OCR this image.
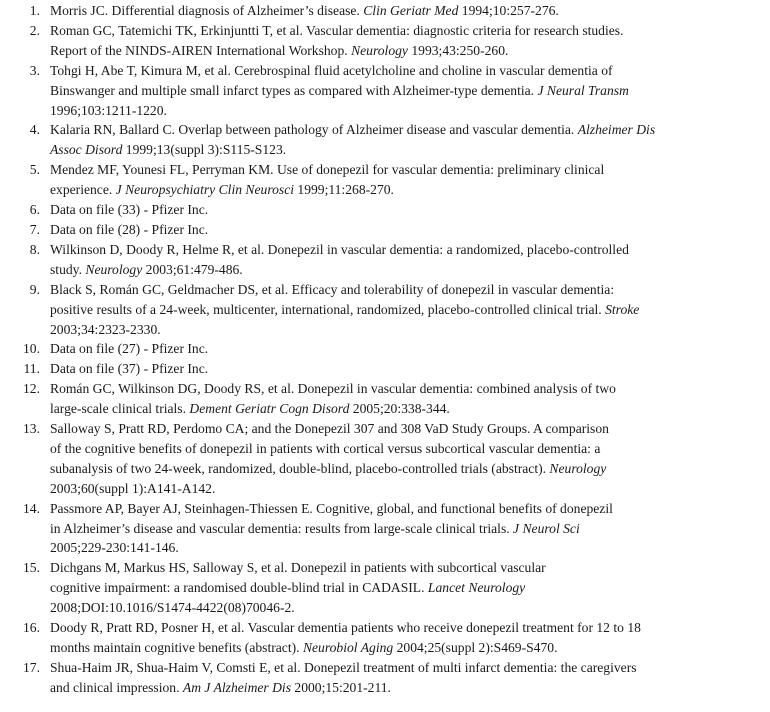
1. Morris JC. Differential diagnosis of Alzheimer’s disease. Clin Geriatr Med 1994;10:257-276.
2. Roman GC, Tatemichi TK, Erkinjuntti T, et al. Vascular dementia: diagnostic criteria for research studies.
Report of the NINDS-AIREN International Workshop. Neurology 1993;43:250-260.
3. Tohgi H, Abe T, Kimura M, et al. Cerebrospinal fluid acetylcholine and choline in vascular dementia of
Binswanger and multiple small infarct types as compared with Alzheimer-type dementia. J Neural Transm
1996;103:1211-1220.
4. Kalaria RN, Ballard C. Overlap between pathology of Alzheimer disease and vascular dementia. Alzheimer Dis
Assoc Disord 1999;13(suppl 3):S115-S123.
5. Mendez MF, Younesi FL, Perryman KM. Use of donepezil for vascular dementia: preliminary clinical
experience. J Neuropsychiatry Clin Neurosci 1999;11:268-270.
6. Data on file (33) - Pfizer Inc.
7. Data on file (28) - Pfizer Inc.
8. Wilkinson D, Doody R, Helme R, et al. Donepezil in vascular dementia: a randomized, placebo-controlled
study. Neurology 2003;61:479-486.
9. Black S, Román GC, Geldmacher DS, et al. Efficacy and tolerability of donepezil in vascular dementia:
positive results of a 24-week, multicenter, international, randomized, placebo-controlled clinical trial. Stroke
2003;34:2323-2330.
10. Data on file (27) - Pfizer Inc.
11. Data on file (37) - Pfizer Inc.
12. Román GC, Wilkinson DG, Doody RS, et al. Donepezil in vascular dementia: combined analysis of two
large-scale clinical trials. Dement Geriatr Cogn Disord 2005;20:338-344.
13. Salloway S, Pratt RD, Perdomo CA; and the Donepezil 307 and 308 VaD Study Groups. A comparison
of the cognitive benefits of donepezil in patients with cortical versus subcortical vascular dementia: a
subanalysis of two 24-week, randomized, double-blind, placebo-controlled trials (abstract). Neurology
2003;60(suppl 1):A141-A142.
14. Passmore AP, Bayer AJ, Steinhagen-Thiessen E. Cognitive, global, and functional benefits of donepezil
in Alzheimer’s disease and vascular dementia: results from large-scale clinical trials. J Neurol Sci
2005;229-230:141-146.
15. Dichgans M, Markus HS, Salloway S, et al. Donepezil in patients with subcortical vascular
cognitive impairment: a randomised double-blind trial in CADASIL. Lancet Neurology
2008;DOI:10.1016/S1474-4422(08)70046-2.
16. Doody R, Pratt RD, Posner H, et al. Vascular dementia patients who receive donepezil treatment for 12 to 18
months maintain cognitive benefits (abstract). Neurobiol Aging 2004;25(suppl 2):S469-S470.
17. Shua-Haim JR, Shua-Haim V, Comsti E, et al. Donepezil treatment of multi infarct dementia: the caregivers
and clinical impression. Am J Alzheimer Dis 2000;15:201-211.
